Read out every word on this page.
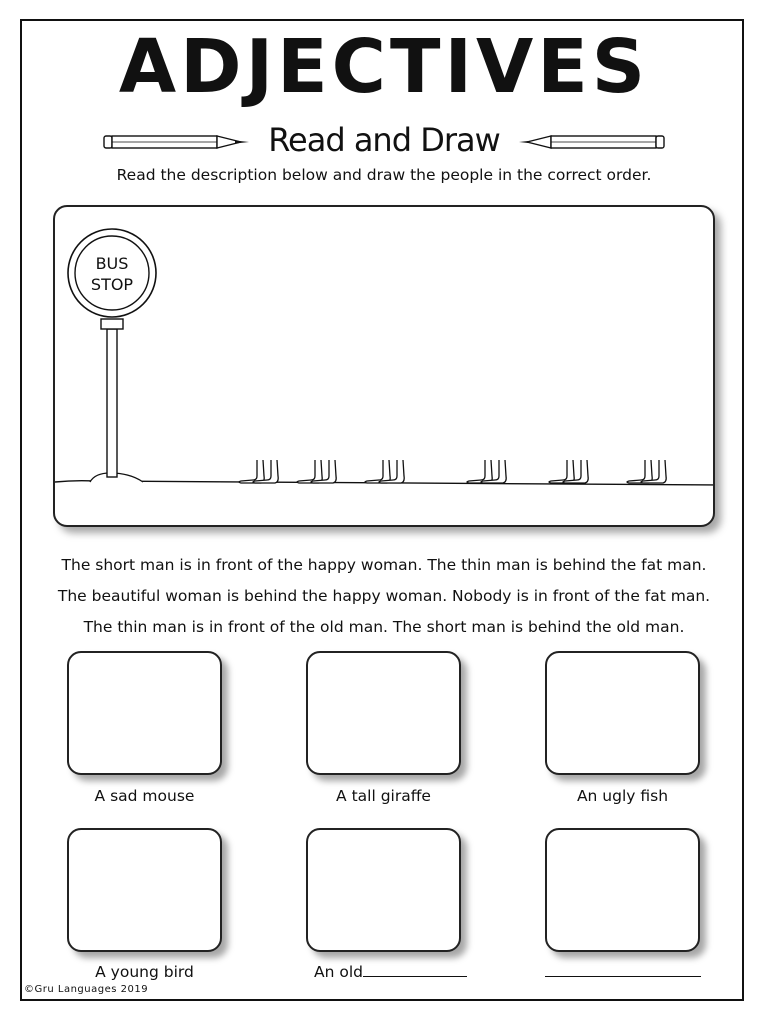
ADJECTIVES
Read and Draw
Read the description below and draw the people in the correct order.
BUS
STOP

The short man is in front of the happy woman. The thin man is behind the fat man.

The beautiful woman is behind the happy woman. Nobody is in front of the fat man.

The thin man is in front of the old man. The short man is behind the old man.

A sad mouse	A tall giraffe	An ugly fish
A young bird	An old
©Gru Languages 2019
